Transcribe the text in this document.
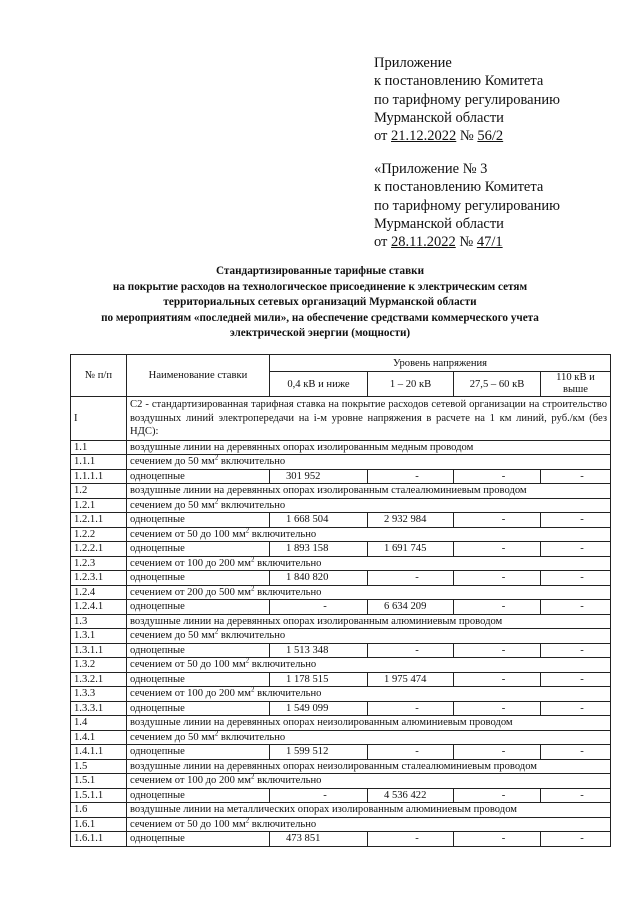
Приложение
к постановлению Комитета
по тарифному регулированию
Мурманской области
от 21.12.2022 № 56/2
«Приложение № 3
к постановлению Комитета
по тарифному регулированию
Мурманской области
от 28.11.2022 № 47/1
Стандартизированные тарифные ставки
на покрытие расходов на технологическое присоединение к электрическим сетям
территориальных сетевых организаций Мурманской области
по мероприятиям «последней мили», на обеспечение средствами коммерческого учета
электрической энергии (мощности)
№ п/п	Наименование ставки	Уровень напряжения			
		0,4 кВ и ниже	1 – 20 кВ	27,5 – 60 кВ	110 кВ и выше
I	С2 - стандартизированная тарифная ставка на покрытие расходов сетевой организации на строительство воздушных линий электропередачи на i-м уровне напряжения в расчете на 1 км линий, руб./км (без НДС):				
1.1	воздушные линии на деревянных опорах изолированным медным проводом				
1.1.1	сечением до 50 $мм^2$ включительно				
1.1.1.1	одноцепные	301 952	-	-	-
1.2	воздушные линии на деревянных опорах изолированным сталеалюминиевым проводом				
1.2.1	сечением до 50 $мм^2$ включительно				
1.2.1.1	одноцепные	1 668 504	2 932 984	-	-
1.2.2	сечением от 50 до 100 $мм^2$ включительно				
1.2.2.1	одноцепные	1 893 158	1 691 745	-	-
1.2.3	сечением от 100 до 200 $мм^2$ включительно				
1.2.3.1	одноцепные	1 840 820	-	-	-
1.2.4	сечением от 200 до 500 $мм^2$ включительно				
1.2.4.1	одноцепные	-	6 634 209	-	-
1.3	воздушные линии на деревянных опорах изолированным алюминиевым проводом				
1.3.1	сечением до 50 $мм^2$ включительно				
1.3.1.1	одноцепные	1 513 348	-	-	-
1.3.2	сечением от 50 до 100 $мм^2$ включительно				
1.3.2.1	одноцепные	1 178 515	1 975 474	-	-
1.3.3	сечением от 100 до 200 $мм^2$ включительно				
1.3.3.1	одноцепные	1 549 099	-	-	-
1.4	воздушные линии на деревянных опорах неизолированным алюминиевым проводом				
1.4.1	сечением до 50 $мм^2$ включительно				
1.4.1.1	одноцепные	1 599 512	-	-	-
1.5	воздушные линии на деревянных опорах неизолированным сталеалюминиевым проводом				
1.5.1	сечением от 100 до 200 $мм^2$ включительно				
1.5.1.1	одноцепные	-	4 536 422	-	-
1.6	воздушные линии на металлических опорах изолированным алюминиевым проводом				
1.6.1	сечением от 50 до 100 $мм^2$ включительно				
1.6.1.1	одноцепные	473 851	-	-	-
